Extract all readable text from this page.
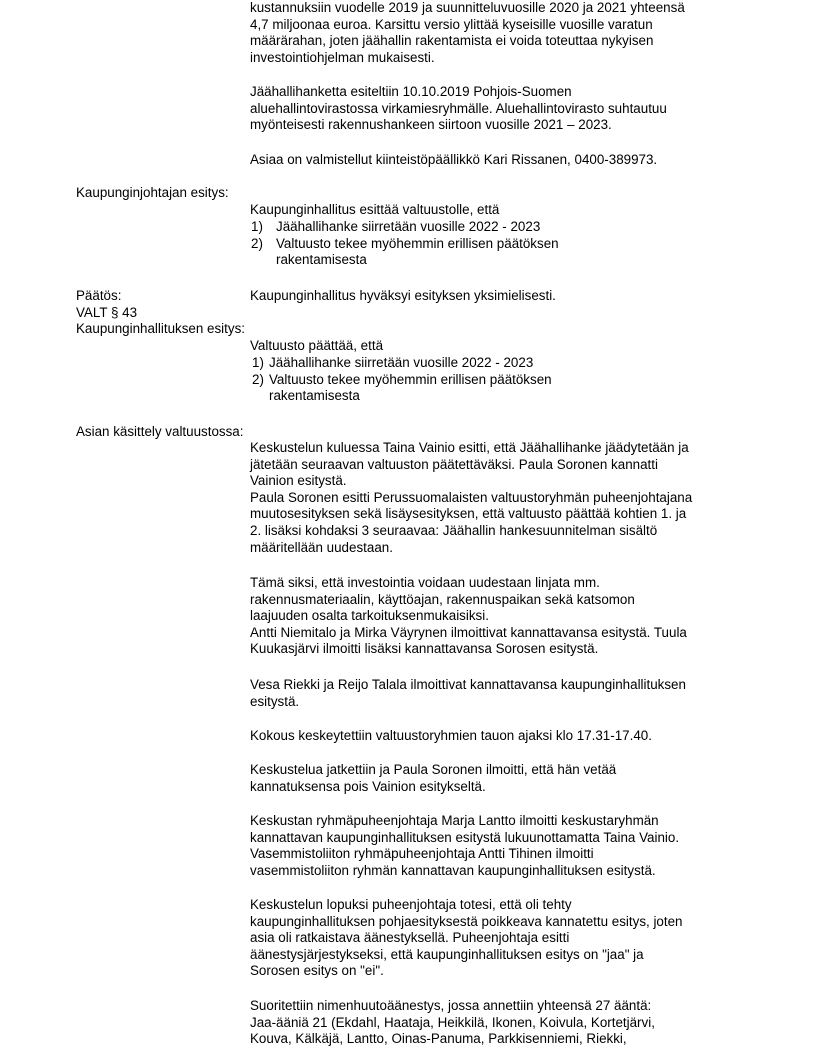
kustannuksiin vuodelle 2019 ja suunnitteluvuosille 2020 ja 2021 yhteensä
4,7 miljoonaa euroa. Karsittu versio ylittää kyseisille vuosille varatun
määrärahan, joten jäähallin rakentamista ei voida toteuttaa nykyisen
investointiohjelman mukaisesti.
Jäähallihanketta esiteltiin 10.10.2019 Pohjois-Suomen
aluehallintovirastossa virkamiesryhmälle. Aluehallintovirasto suhtautuu
myönteisesti rakennushankeen siirtoon vuosille 2021 – 2023.
Asiaa on valmistellut kiinteistöpäällikkö Kari Rissanen, 0400-389973.
Kaupunginjohtajan esitys:
Kaupunginhallitus esittää valtuustolle, että
1) Jäähallihanke siirretään vuosille 2022 - 2023
2) Valtuusto tekee myöhemmin erillisen päätöksen
rakentamisesta
Päätös:	Kaupunginhallitus hyväksyi esityksen yksimielisesti.
VALT § 43
Kaupunginhallituksen esitys:
Valtuusto päättää, että
1) Jäähallihanke siirretään vuosille 2022 - 2023
2) Valtuusto tekee myöhemmin erillisen päätöksen
rakentamisesta
Asian käsittely valtuustossa:
Keskustelun kuluessa Taina Vainio esitti, että Jäähallihanke jäädytetään ja
jätetään seuraavan valtuuston päätettäväksi. Paula Soronen kannatti
Vainion esitystä.
Paula Soronen esitti Perussuomalaisten valtuustoryhmän puheenjohtajana
muutosesityksen sekä lisäysesityksen, että valtuusto päättää kohtien 1. ja
2. lisäksi kohdaksi 3 seuraavaa: Jäähallin hankesuunnitelman sisältö
määritellään uudestaan.
Tämä siksi, että investointia voidaan uudestaan linjata mm.
rakennusmateriaalin, käyttöajan, rakennuspaikan sekä katsomon
laajuuden osalta tarkoituksenmukaisiksi.
Antti Niemitalo ja Mirka Väyrynen ilmoittivat kannattavansa esitystä. Tuula
Kuukasjärvi ilmoitti lisäksi kannattavansa Sorosen esitystä.
Vesa Riekki ja Reijo Talala ilmoittivat kannattavansa kaupunginhallituksen
esitystä.
Kokous keskeytettiin valtuustoryhmien tauon ajaksi klo 17.31-17.40.
Keskustelua jatkettiin ja Paula Soronen ilmoitti, että hän vetää
kannatuksensa pois Vainion esitykseltä.
Keskustan ryhmäpuheenjohtaja Marja Lantto ilmoitti keskustaryhmän
kannattavan kaupunginhallituksen esitystä lukuunottamatta Taina Vainio.
Vasemmistoliiton ryhmäpuheenjohtaja Antti Tihinen ilmoitti
vasemmistoliiton ryhmän kannattavan kaupunginhallituksen esitystä.
Keskustelun lopuksi puheenjohtaja totesi, että oli tehty
kaupunginhallituksen pohjaesityksestä poikkeava kannatettu esitys, joten
asia oli ratkaistava äänestyksellä. Puheenjohtaja esitti
äänestysjärjestykseksi, että kaupunginhallituksen esitys on "jaa" ja
Sorosen esitys on "ei".
Suoritettiin nimenhuutoäänestys, jossa annettiin yhteensä 27 ääntä:
Jaa-ääniä 21 (Ekdahl, Haataja, Heikkilä, Ikonen, Koivula, Kortetjärvi,
Kouva, Kälkäjä, Lantto, Oinas-Panuma, Parkkisenniemi, Riekki,
